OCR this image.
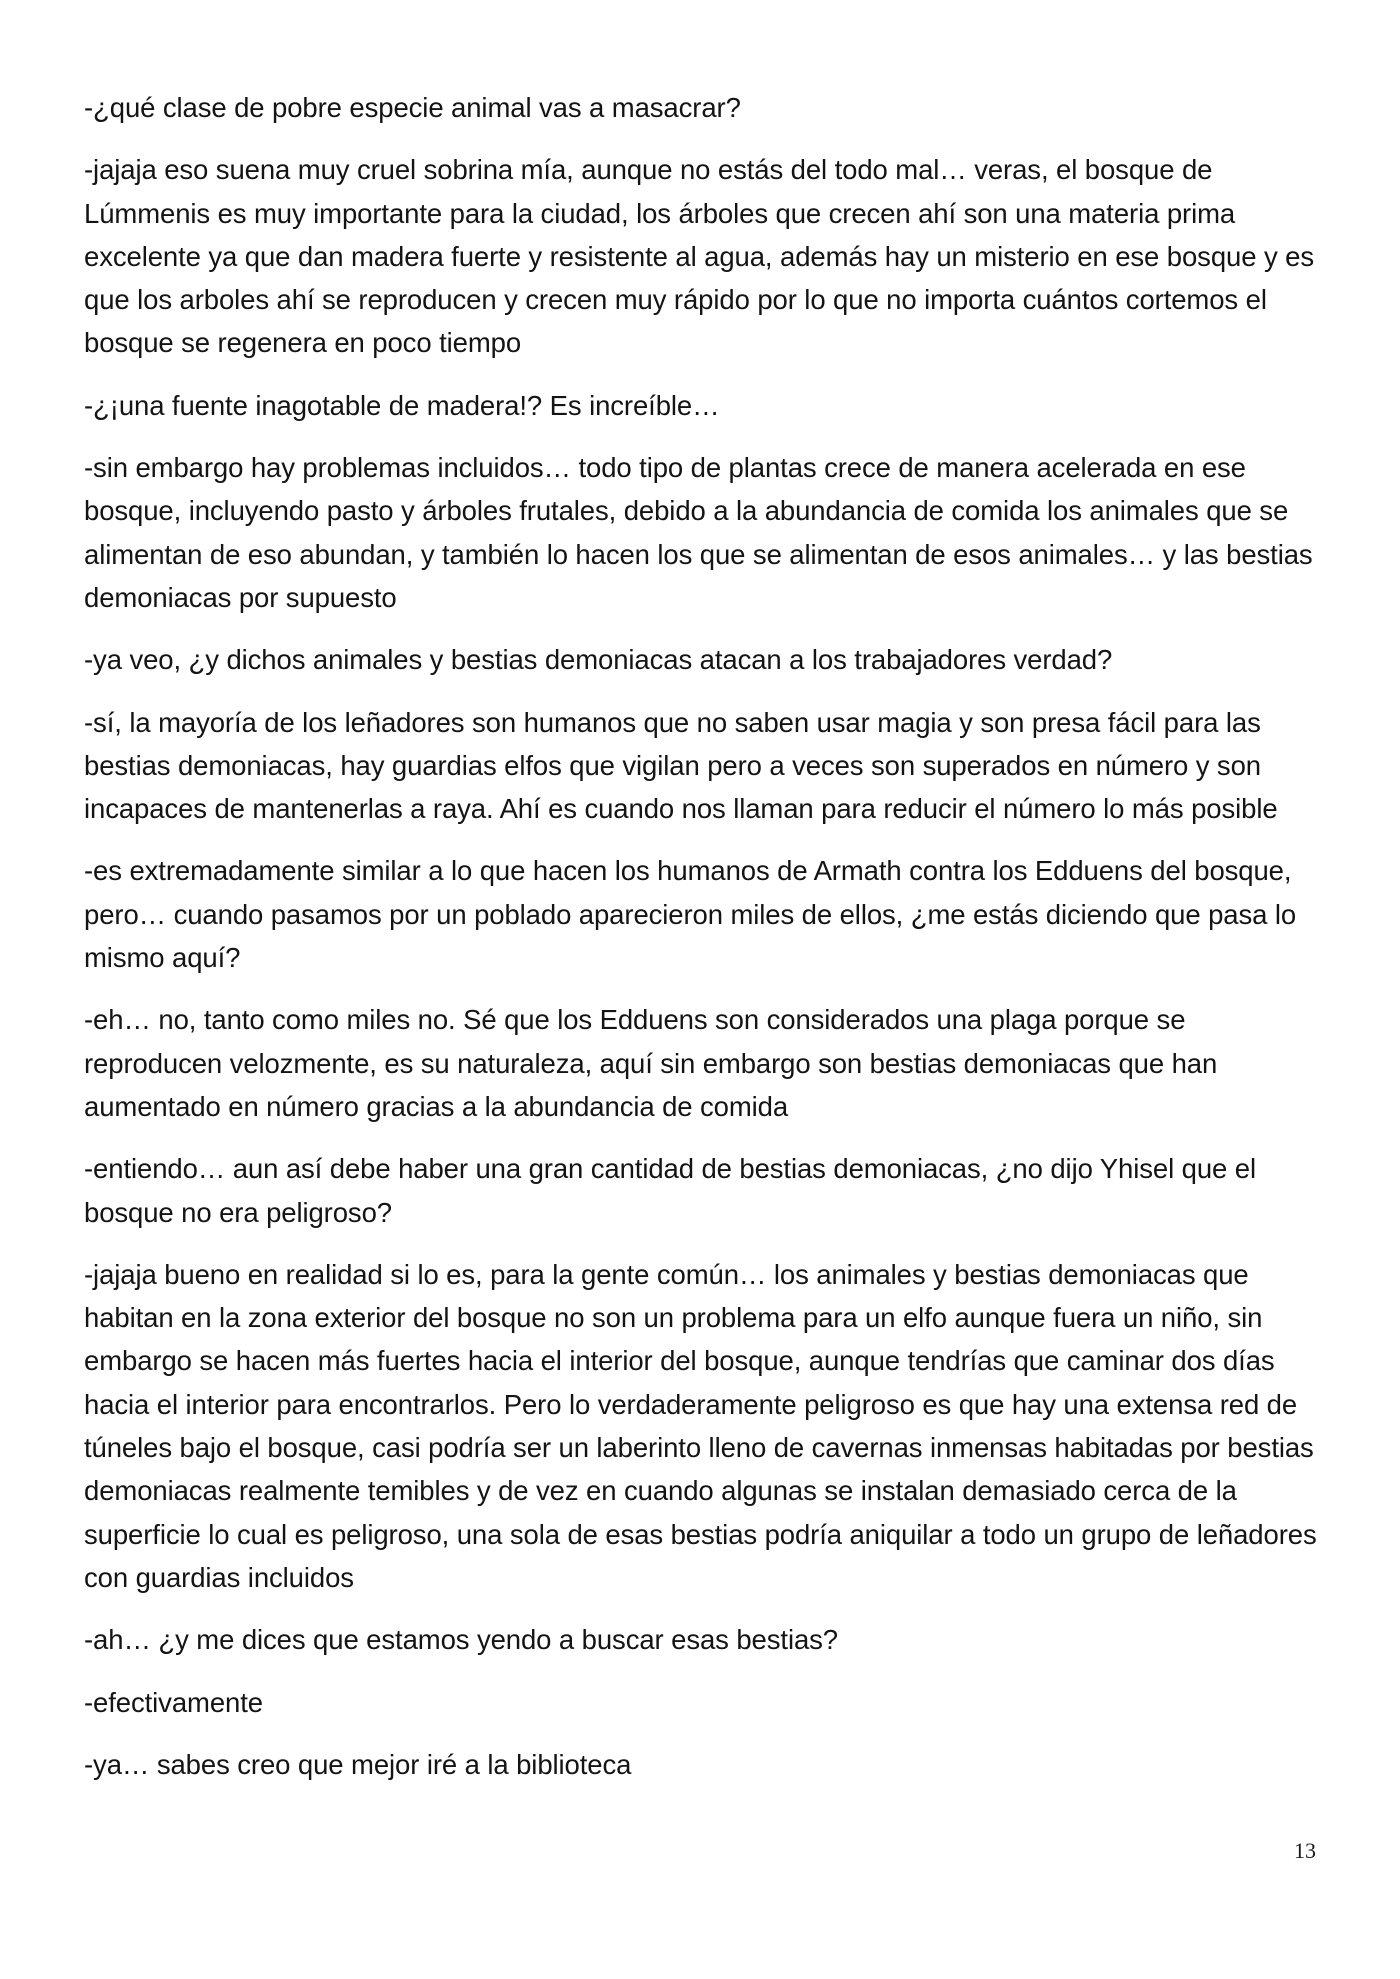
-¿qué clase de pobre especie animal vas a masacrar?

-jajaja eso suena muy cruel sobrina mía, aunque no estás del todo mal… veras, el bosque de Lúmmenis es muy importante para la ciudad, los árboles que crecen ahí son una materia prima excelente ya que dan madera fuerte y resistente al agua, además hay un misterio en ese bosque y es que los arboles ahí se reproducen y crecen muy rápido por lo que no importa cuántos cortemos el bosque se regenera en poco tiempo

-¿¡una fuente inagotable de madera!? Es increíble…

-sin embargo hay problemas incluidos… todo tipo de plantas crece de manera acelerada en ese bosque, incluyendo pasto y árboles frutales, debido a la abundancia de comida los animales que se alimentan de eso abundan, y también lo hacen los que se alimentan de esos animales… y las bestias demoniacas por supuesto

-ya veo, ¿y dichos animales y bestias demoniacas atacan a los trabajadores verdad?

-sí, la mayoría de los leñadores son humanos que no saben usar magia y son presa fácil para las bestias demoniacas, hay guardias elfos que vigilan pero a veces son superados en número y son incapaces de mantenerlas a raya. Ahí es cuando nos llaman para reducir el número lo más posible

-es extremadamente similar a lo que hacen los humanos de Armath contra los Edduens del bosque, pero… cuando pasamos por un poblado aparecieron miles de ellos, ¿me estás diciendo que pasa lo mismo aquí?

-eh… no, tanto como miles no. Sé que los Edduens son considerados una plaga porque se reproducen velozmente, es su naturaleza, aquí sin embargo son bestias demoniacas que han aumentado en número gracias a la abundancia de comida

-entiendo… aun así debe haber una gran cantidad de bestias demoniacas, ¿no dijo Yhisel que el bosque no era peligroso?

-jajaja bueno en realidad si lo es, para la gente común… los animales y bestias demoniacas que habitan en la zona exterior del bosque no son un problema para un elfo aunque fuera un niño, sin embargo se hacen más fuertes hacia el interior del bosque, aunque tendrías que caminar dos días hacia el interior para encontrarlos. Pero lo verdaderamente peligroso es que hay una extensa red de túneles bajo el bosque, casi podría ser un laberinto lleno de cavernas inmensas habitadas por bestias demoniacas realmente temibles y de vez en cuando algunas se instalan demasiado cerca de la superficie lo cual es peligroso, una sola de esas bestias podría aniquilar a todo un grupo de leñadores con guardias incluidos

-ah… ¿y me dices que estamos yendo a buscar esas bestias?

-efectivamente

-ya… sabes creo que mejor iré a la biblioteca

13
